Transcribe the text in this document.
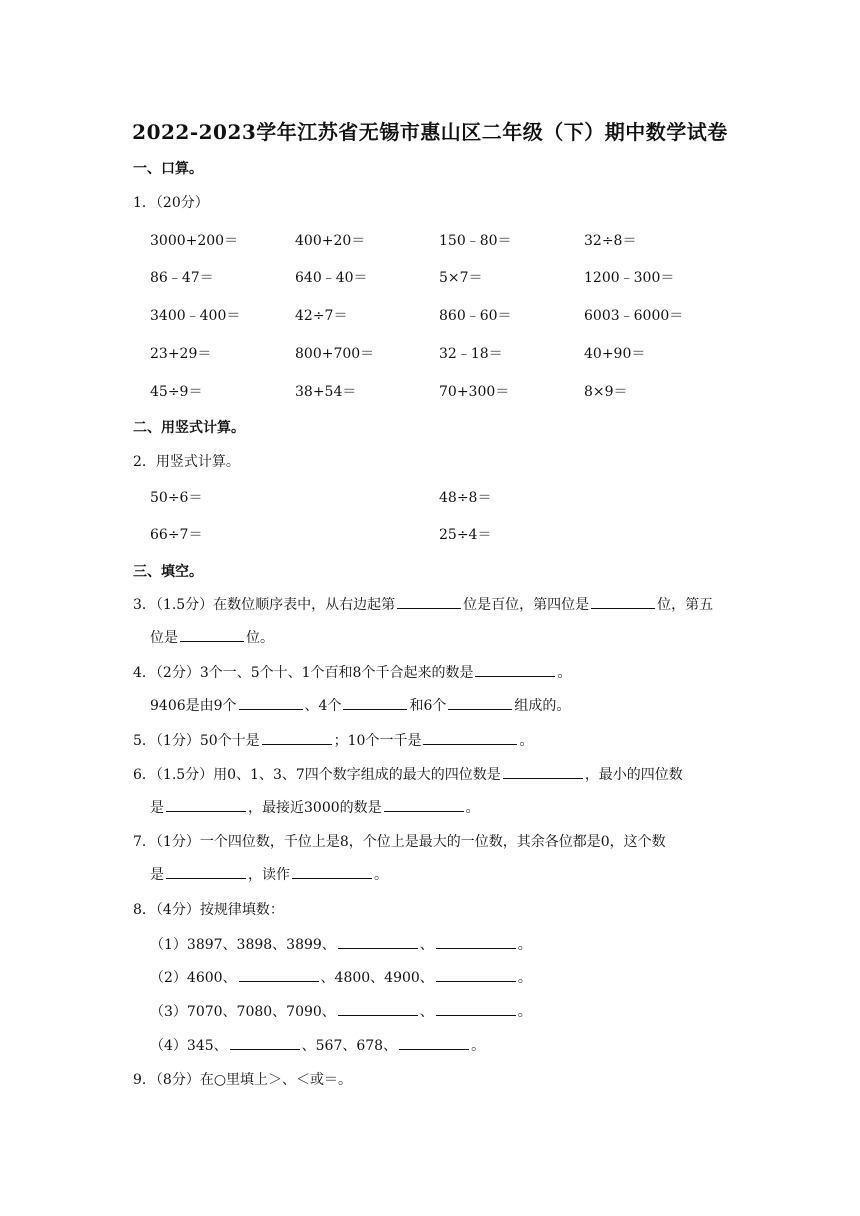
2022-2023学年江苏省无锡市惠山区二年级（下）期中数学试卷
一、口算。
1．（20分）
3000+200＝	400+20＝	150﹣80＝	32÷8＝
86﹣47＝	640﹣40＝	5×7＝	1200﹣300＝
3400﹣400＝	42÷7＝	860﹣60＝	6003﹣6000＝
23+29＝	800+700＝	32﹣18＝	40+90＝
45÷9＝	38+54＝	70+300＝	8×9＝
二、用竖式计算。
2．用竖式计算。
50÷6＝	48÷8＝
66÷7＝	25÷4＝
三、填空。
3．（1.5分）在数位顺序表中，从右边起第	位是百位，第四位是	位，第五
位是	位。
4．（2分）3个一、5个十、1个百和8个千合起来的数是	。
9406是由9个	、4个	和6个	组成的。
5．（1分）50个十是	；10个一千是	。
6．（1.5分）用0、1、3、7四个数字组成的最大的四位数是	，最小的四位数
是	，最接近3000的数是	。
7．（1分）一个四位数，千位上是8，个位上是最大的一位数，其余各位都是0，这个数
是	，读作	。
8．（4分）按规律填数：
（1）3897、3898、3899、	、	。
（2）4600、	、4800、4900、	。
（3）7070、7080、7090、	、	。
（4）345、	、567、678、	。
9．（8分）在○里填上＞、＜或＝。
